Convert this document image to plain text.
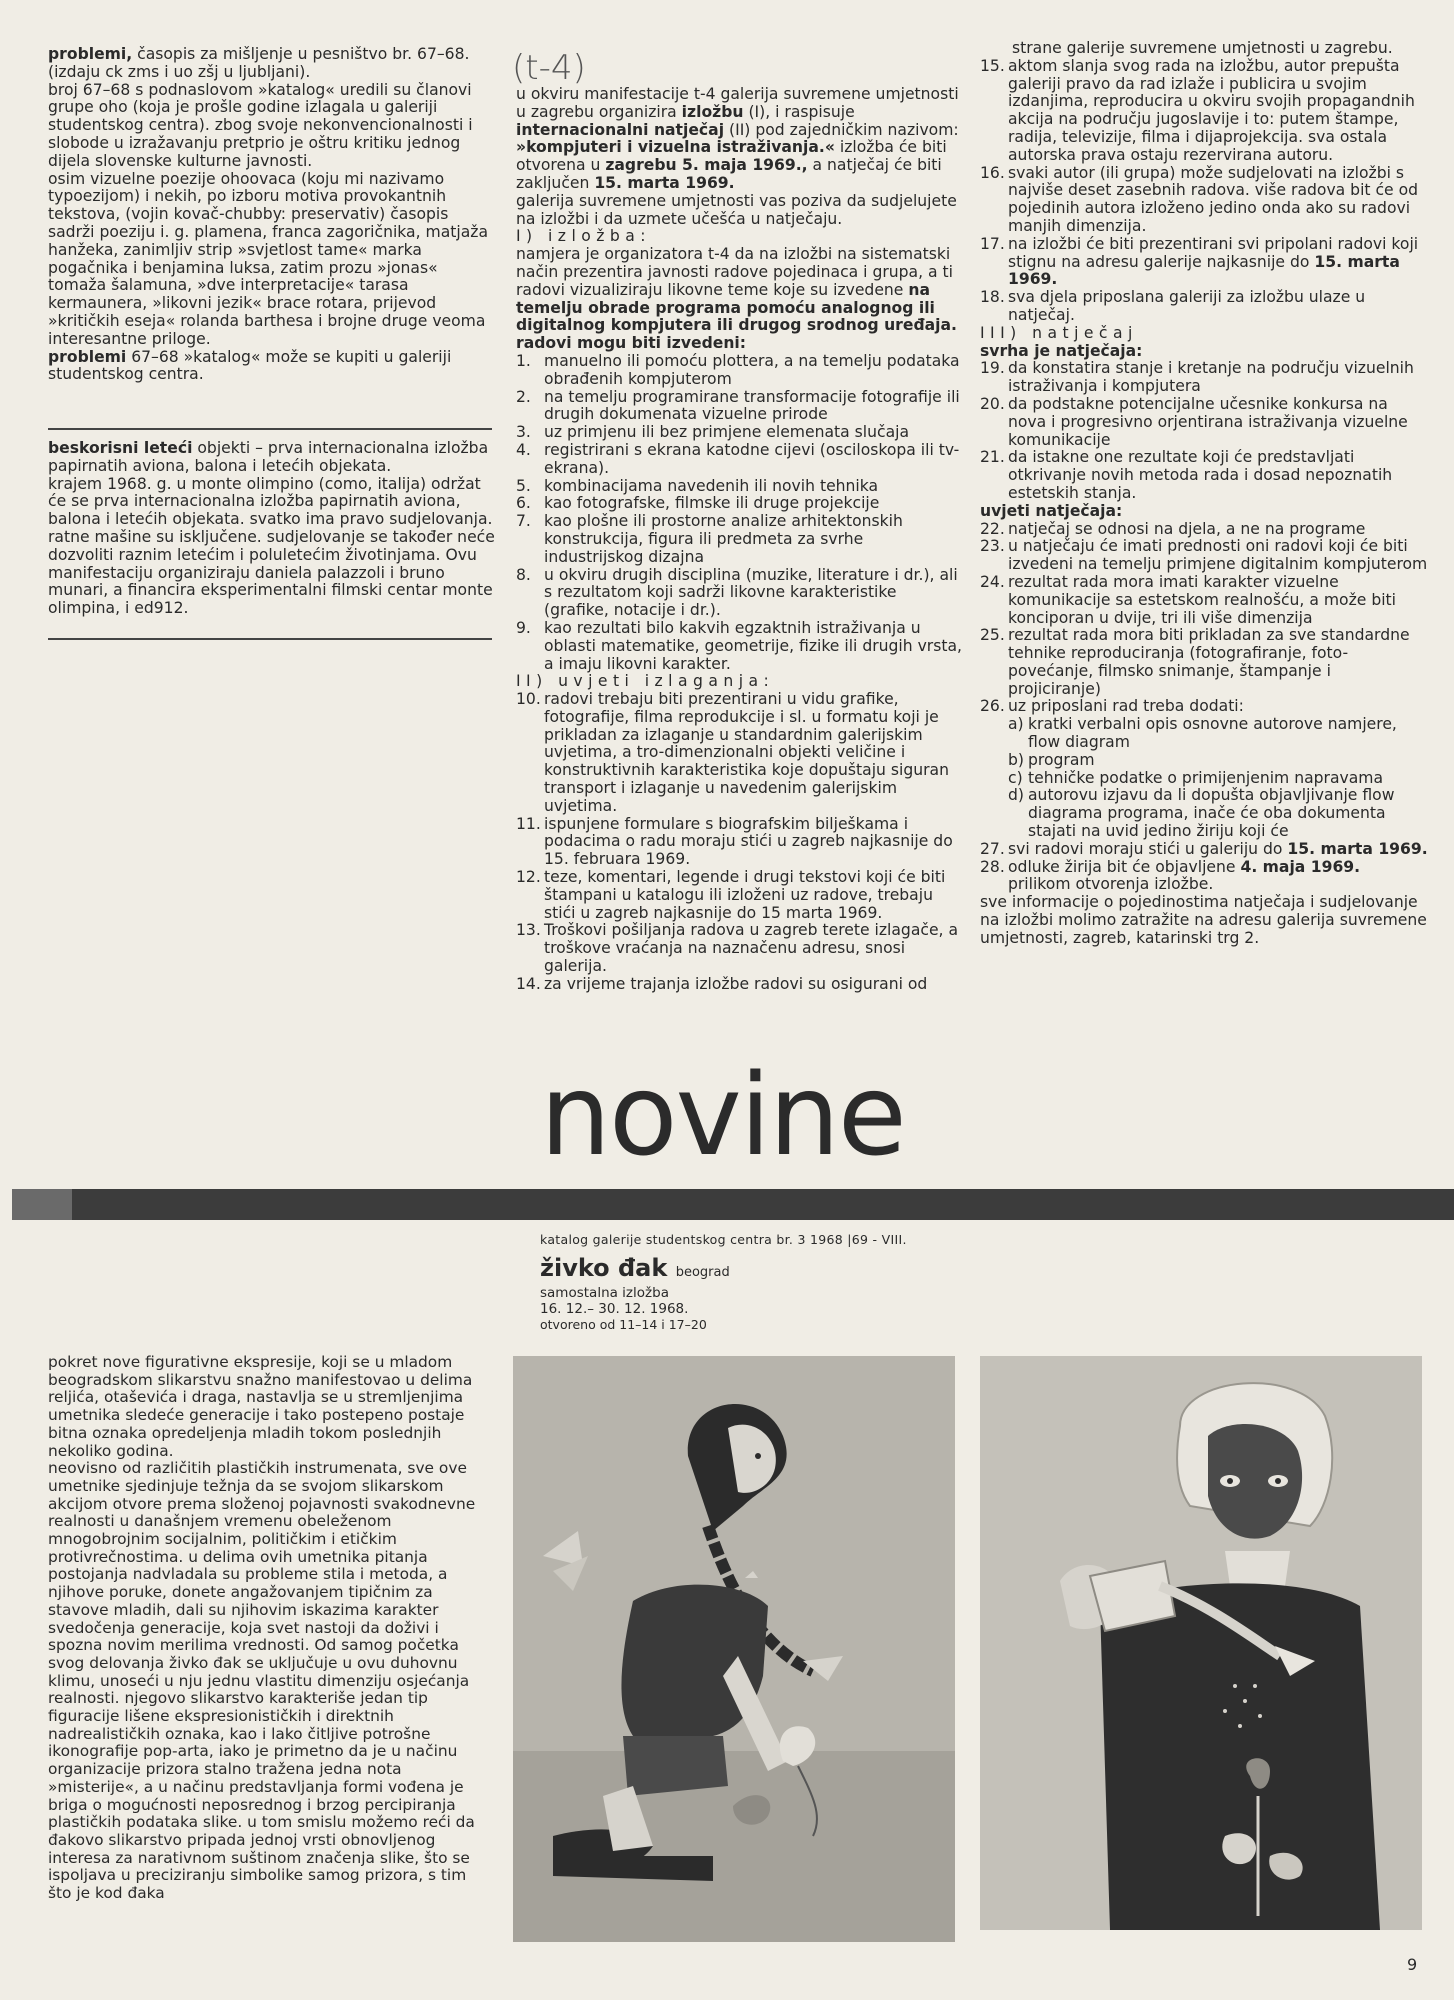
problemi, časopis za mišljenje u pesništvo br. 67–68. (izdaju ck zms i uo zšj u ljubljani).

broj 67–68 s podnaslovom »katalog« uredili su članovi grupe oho (koja je prošle godine izlagala u galeriji studentskog centra). zbog svoje nekonvencionalnosti i slobode u izražavanju pretprio je oštru kritiku jednog dijela slovenske kulturne javnosti.

osim vizuelne poezije ohoovaca (koju mi nazivamo typoezijom) i nekih, po izboru motiva provokantnih tekstova, (vojin kovač-chubby: preservativ) časopis sadrži poeziju i. g. plamena, franca zagoričnika, matjaža hanžeka, zanimljiv strip »svjetlost tame« marka pogačnika i benjamina luksa, zatim prozu »jonas« tomaža šalamuna, »dve interpretacije« tarasa kermaunera, »likovni jezik« brace rotara, prijevod »kritičkih eseja« rolanda barthesa i brojne druge veoma interesantne priloge.

problemi 67–68 »katalog« može se kupiti u galeriji studentskog centra.

beskorisni leteći objekti – prva internacionalna izložba papirnatih aviona, balona i letećih objekata.

krajem 1968. g. u monte olimpino (como, italija) održat će se prva internacionalna izložba papirnatih aviona, balona i letećih objekata. svatko ima pravo sudjelovanja. ratne mašine su isključene. sudjelovanje se također neće dozvoliti raznim letećim i poluletećim životinjama. Ovu manifestaciju organiziraju daniela palazzoli i bruno munari, a financira eksperimentalni filmski centar monte olimpina, i ed912.

(t-4)

u okviru manifestacije t-4 galerija suvremene umjetnosti u zagrebu organizira izložbu (I), i raspisuje internacionalni natječaj (II) pod zajedničkim nazivom: »kompjuteri i vizuelna istraživanja.« izložba će biti otvorena u zagrebu 5. maja 1969., a natječaj će biti zaključen 15. marta 1969.

galerija suvremene umjetnosti vas poziva da sudjelujete na izložbi i da uzmete učešća u natječaju.

I) izložba:

namjera je organizatora t-4 da na izložbi na sistematski način prezentira javnosti radove pojedinaca i grupa, a ti radovi vizualiziraju likovne teme koje su izvedene na temelju obrade programa pomoću analognog ili digitalnog kompjutera ili drugog srodnog uređaja.

radovi mogu biti izvedeni:

1. manuelno ili pomoću plottera, a na temelju podataka obrađenih kompjuterom
2. na temelju programirane transformacije fotografije ili drugih dokumenata vizuelne prirode
3. uz primjenu ili bez primjene elemenata slučaja
4. registrirani s ekrana katodne cijevi (osciloskopa ili tv-ekrana).
5. kombinacijama navedenih ili novih tehnika
6. kao fotografske, filmske ili druge projekcije
7. kao plošne ili prostorne analize arhitektonskih konstrukcija, figura ili predmeta za svrhe industrijskog dizajna
8. u okviru drugih disciplina (muzike, literature i dr.), ali s rezultatom koji sadrži likovne karakteristike (grafike, notacije i dr.).
9. kao rezultati bilo kakvih egzaktnih istraživanja u oblasti matematike, geometrije, fizike ili drugih vrsta, a imaju likovni karakter.

II) uvjeti izlaganja:

10. radovi trebaju biti prezentirani u vidu grafike, fotografije, filma reprodukcije i sl. u formatu koji je prikladan za izlaganje u standardnim galerijskim uvjetima, a tro-dimenzionalni objekti veličine i konstruktivnih karakteristika koje dopuštaju siguran transport i izlaganje u navedenim galerijskim uvjetima.
11. ispunjene formulare s biografskim bilješkama i podacima o radu moraju stići u zagreb najkasnije do 15. februara 1969.
12. teze, komentari, legende i drugi tekstovi koji će biti štampani u katalogu ili izloženi uz radove, trebaju stići u zagreb najkasnije do 15 marta 1969.
13. Troškovi pošiljanja radova u zagreb terete izlagače, a troškove vraćanja na naznačenu adresu, snosi galerija.
14. za vrijeme trajanja izložbe radovi su osigurani od

strane galerije suvremene umjetnosti u zagrebu.

15. aktom slanja svog rada na izložbu, autor prepušta galeriji pravo da rad izlaže i publicira u svojim izdanjima, reproducira u okviru svojih propagandnih akcija na području jugoslavije i to: putem štampe, radija, televizije, filma i dijaprojekcija. sva ostala autorska prava ostaju rezervirana autoru.
16. svaki autor (ili grupa) može sudjelovati na izložbi s najviše deset zasebnih radova. više radova bit će od pojedinih autora izloženo jedino onda ako su radovi manjih dimenzija.
17. na izložbi će biti prezentirani svi pripolani radovi koji stignu na adresu galerije najkasnije do 15. marta 1969.
18. sva djela priposlana galeriji za izložbu ulaze u natječaj.

III) natječaj

svrha je natječaja:

19. da konstatira stanje i kretanje na području vizuelnih istraživanja i kompjutera
20. da podstakne potencijalne učesnike konkursa na nova i progresivno orjentirana istraživanja vizuelne komunikacije
21. da istakne one rezultate koji će predstavljati otkrivanje novih metoda rada i dosad nepoznatih estetskih stanja.

uvjeti natječaja:

22. natječaj se odnosi na djela, a ne na programe
23. u natječaju će imati prednosti oni radovi koji će biti izvedeni na temelju primjene digitalnim kompjuterom
24. rezultat rada mora imati karakter vizuelne komunikacije sa estetskom realnošću, a može biti konciporan u dvije, tri ili više dimenzija
25. rezultat rada mora biti prikladan za sve standardne tehnike reproduciranja (fotografiranje, foto-povećanje, filmsko snimanje, štampanje i projiciranje)
26. uz priposlani rad treba dodati:
a) kratki verbalni opis osnovne autorove namjere, flow diagram
b) program
c) tehničke podatke o primijenjenim napravama
d) autorovu izjavu da li dopušta objavljivanje flow diagrama programa, inače će oba dokumenta stajati na uvid jedino žiriju koji će
27. svi radovi moraju stići u galeriju do 15. marta 1969.
28. odluke žirija bit će objavljene 4. maja 1969.
prilikom otvorenja izložbe.

sve informacije o pojedinostima natječaja i sudjelovanje na izložbi molimo zatražite na adresu galerija suvremene umjetnosti, zagreb, katarinski trg 2.

novine
katalog galerije studentskog centra br. 3 1968 |69 - VIII.
živko đak beograd
samostalna izložba
16. 12.– 30. 12. 1968.
otvoreno od 11–14 i 17–20

pokret nove figurativne ekspresije, koji se u mladom beogradskom slikarstvu snažno manifestovao u delima reljića, otaševića i draga, nastavlja se u stremljenjima umetnika sledeće generacije i tako postepeno postaje bitna oznaka opredeljenja mladih tokom poslednjih nekoliko godina.

neovisno od različitih plastičkih instrumenata, sve ove umetnike sjedinjuje težnja da se svojom slikarskom akcijom otvore prema složenoj pojavnosti svakodnevne realnosti u današnjem vremenu obeleženom mnogobrojnim socijalnim, političkim i etičkim protivrečnostima. u delima ovih umetnika pitanja postojanja nadvladala su probleme stila i metoda, a njihove poruke, donete angažovanjem tipičnim za stavove mladih, dali su njihovim iskazima karakter svedočenja generacije, koja svet nastoji da doživi i spozna novim merilima vrednosti. Od samog početka svog delovanja živko đak se uključuje u ovu duhovnu klimu, unoseći u nju jednu vlastitu dimenziju osjećanja realnosti. njegovo slikarstvo karakteriše jedan tip figuracije lišene ekspresionističkih i direktnih nadrealističkih oznaka, kao i lako čitljive potrošne ikonografije pop-arta, iako je primetno da je u načinu organizacije prizora stalno tražena jedna nota »misterije«, a u načinu predstavljanja formi vođena je briga o mogućnosti neposrednog i brzog percipiranja plastičkih podataka slike. u tom smislu možemo reći da đakovo slikarstvo pripada jednoj vrsti obnovljenog interesa za narativnom suštinom značenja slike, što se ispoljava u preciziranju simbolike samog prizora, s tim što je kod đaka

9
